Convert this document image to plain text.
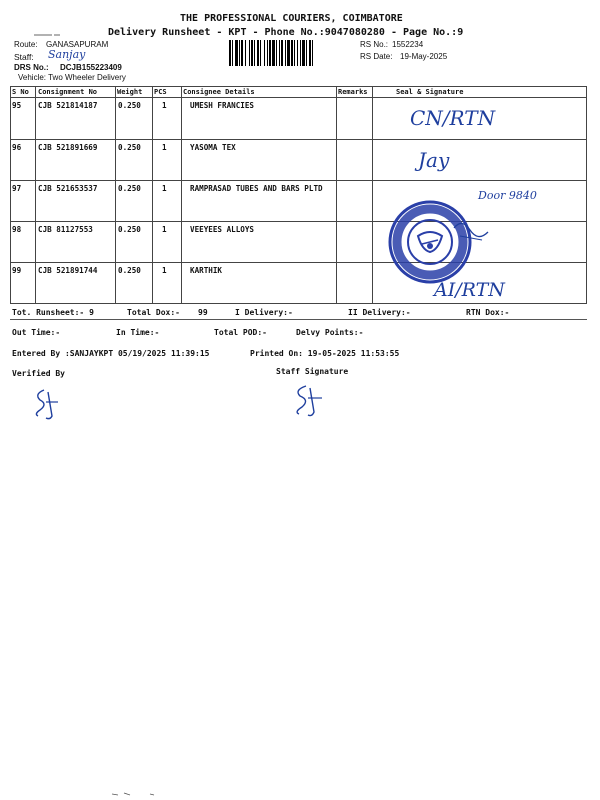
THE PROFESSIONAL COURIERS, COIMBATORE
Delivery Runsheet - KPT - Phone No.:9047080280 - Page No.:9
Route: GANASAPURAM
Staff: Sanjay
DRS No.: DCJB155223409
Vehicle: Two Wheeler Delivery
RS No.: 1552234
RS Date: 19-May-2025
S No Consignment No	Weight PCS Consignee Details	Remarks	Seal & Signature
95 CJB 521814187	0.250	1	UMESH FRANCIES
CN/RTN
96 CJB 521891669	0.250	1	YASOMA TEX
Jay
97 CJB 521653537	0.250	1	RAMPRASAD TUBES AND BARS PLTD
Door 9840
98 CJB 81127553	0.250	1	VEEYEES ALLOYS
99 CJB 521891744	0.250	1	KARTHIK
AI/RTN
Tot. Runsheet:- 9	Total Dox:- 99	I Delivery:-	II Delivery:-	RTN Dox:-
Out Time:-	In Time:-	Total POD:-	Delvy Points:-
Entered By :SANJAYKPT 05/19/2025 11:39:15	Printed On: 19-05-2025 11:53:55
Verified By	Staff Signature
